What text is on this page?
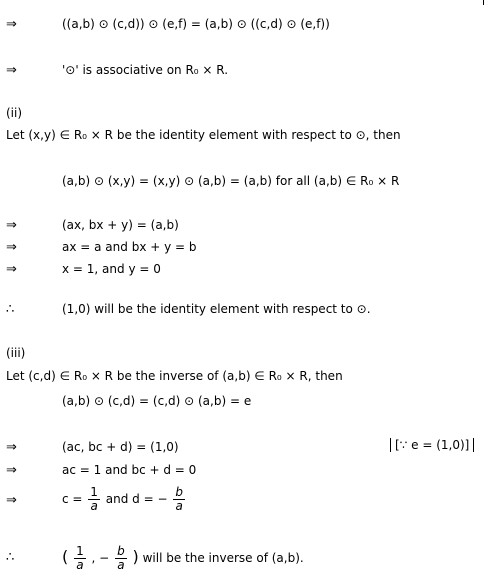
⇒	((a,b) ⊙ (c,d)) ⊙ (e,f) = (a,b) ⊙ ((c,d) ⊙ (e,f))
⇒	'⊙' is associative on R₀ × R.
(ii)
Let (x,y) ∈ R₀ × R be the identity element with respect to ⊙, then
(a,b) ⊙ (x,y) = (x,y) ⊙ (a,b) = (a,b) for all (a,b) ∈ R₀ × R
⇒	(ax, bx + y) = (a,b)
⇒	ax = a and bx + y = b
⇒	x = 1, and y = 0
∴	(1,0) will be the identity element with respect to ⊙.
(iii)
Let (c,d) ∈ R₀ × R be the inverse of (a,b) ∈ R₀ × R, then
(a,b) ⊙ (c,d) = (c,d) ⊙ (a,b) = e
⇒	(ac, bc + d) = (1,0)	[∵ e = (1,0)]
⇒	ac = 1 and bc + d = 0
⇒	$c = \frac{1}{a}$ and d = − $\frac{b}{a}$
∴	( $\frac{1}{a}$ , − $\frac{b}{a}$ ) will be the inverse of (a,b).
